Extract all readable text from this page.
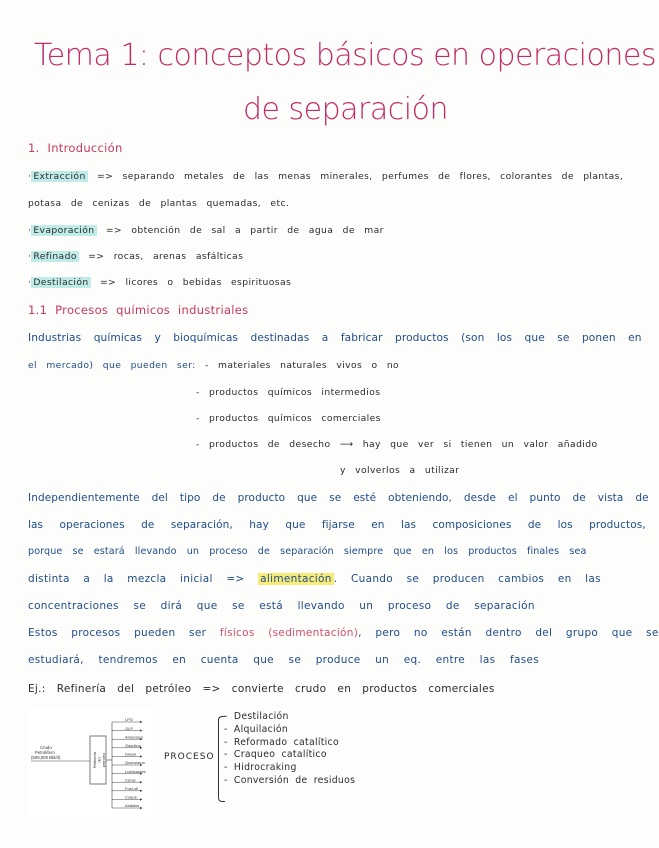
Tema 1: conceptos básicos en operaciones
de separación
1. Introducción
· Extracción => separando metales de las menas minerales, perfumes de flores, colorantes de plantas,
potasa de cenizas de plantas quemadas, etc.
· Evaporación => obtención de sal a partir de agua de mar
· Refinado => rocas, arenas asfálticas
· Destilación => licores o bebidas espirituosas
1.1 Procesos químicos industriales
Industrias químicas y bioquímicas destinadas a fabricar productos (son los que se ponen en
el mercado) que pueden ser: - materiales naturales vivos o no
- productos químicos intermedios
- productos químicos comerciales
- productos de desecho ⟶ hay que ver si tienen un valor añadido
y volverlos a utilizar
Independientemente del tipo de producto que se esté obteniendo, desde el punto de vista de
las operaciones de separación, hay que fijarse en las composiciones de los productos,
porque se estará llevando un proceso de separación siempre que en los productos finales sea
distinta a la mezcla inicial => alimentación . Cuando se producen cambios en las
concentraciones se dirá que se está llevando un proceso de separación
Estos procesos pueden ser físicos (sedimentación), pero no están dentro del grupo que se
estudiará, tendremos en cuenta que se produce un eq. entre las fases
Ej.: Refinería del petróleo => convierte crudo en productos comerciales
Crudo
Petrolífero
(500,000 Bbl/d)	Refinería del petróleo
LPG
GLP
Amoníaco
Gasolina
Diesel
Queroseno
Lubricantes
Ceras
Fuel-oil
Coque
Asfaltos
PROCESO
- Destilación
- Alquilación
- Reformado catalítico
- Craqueo catalítico
- Hidrocraking
- Conversión de residuos
